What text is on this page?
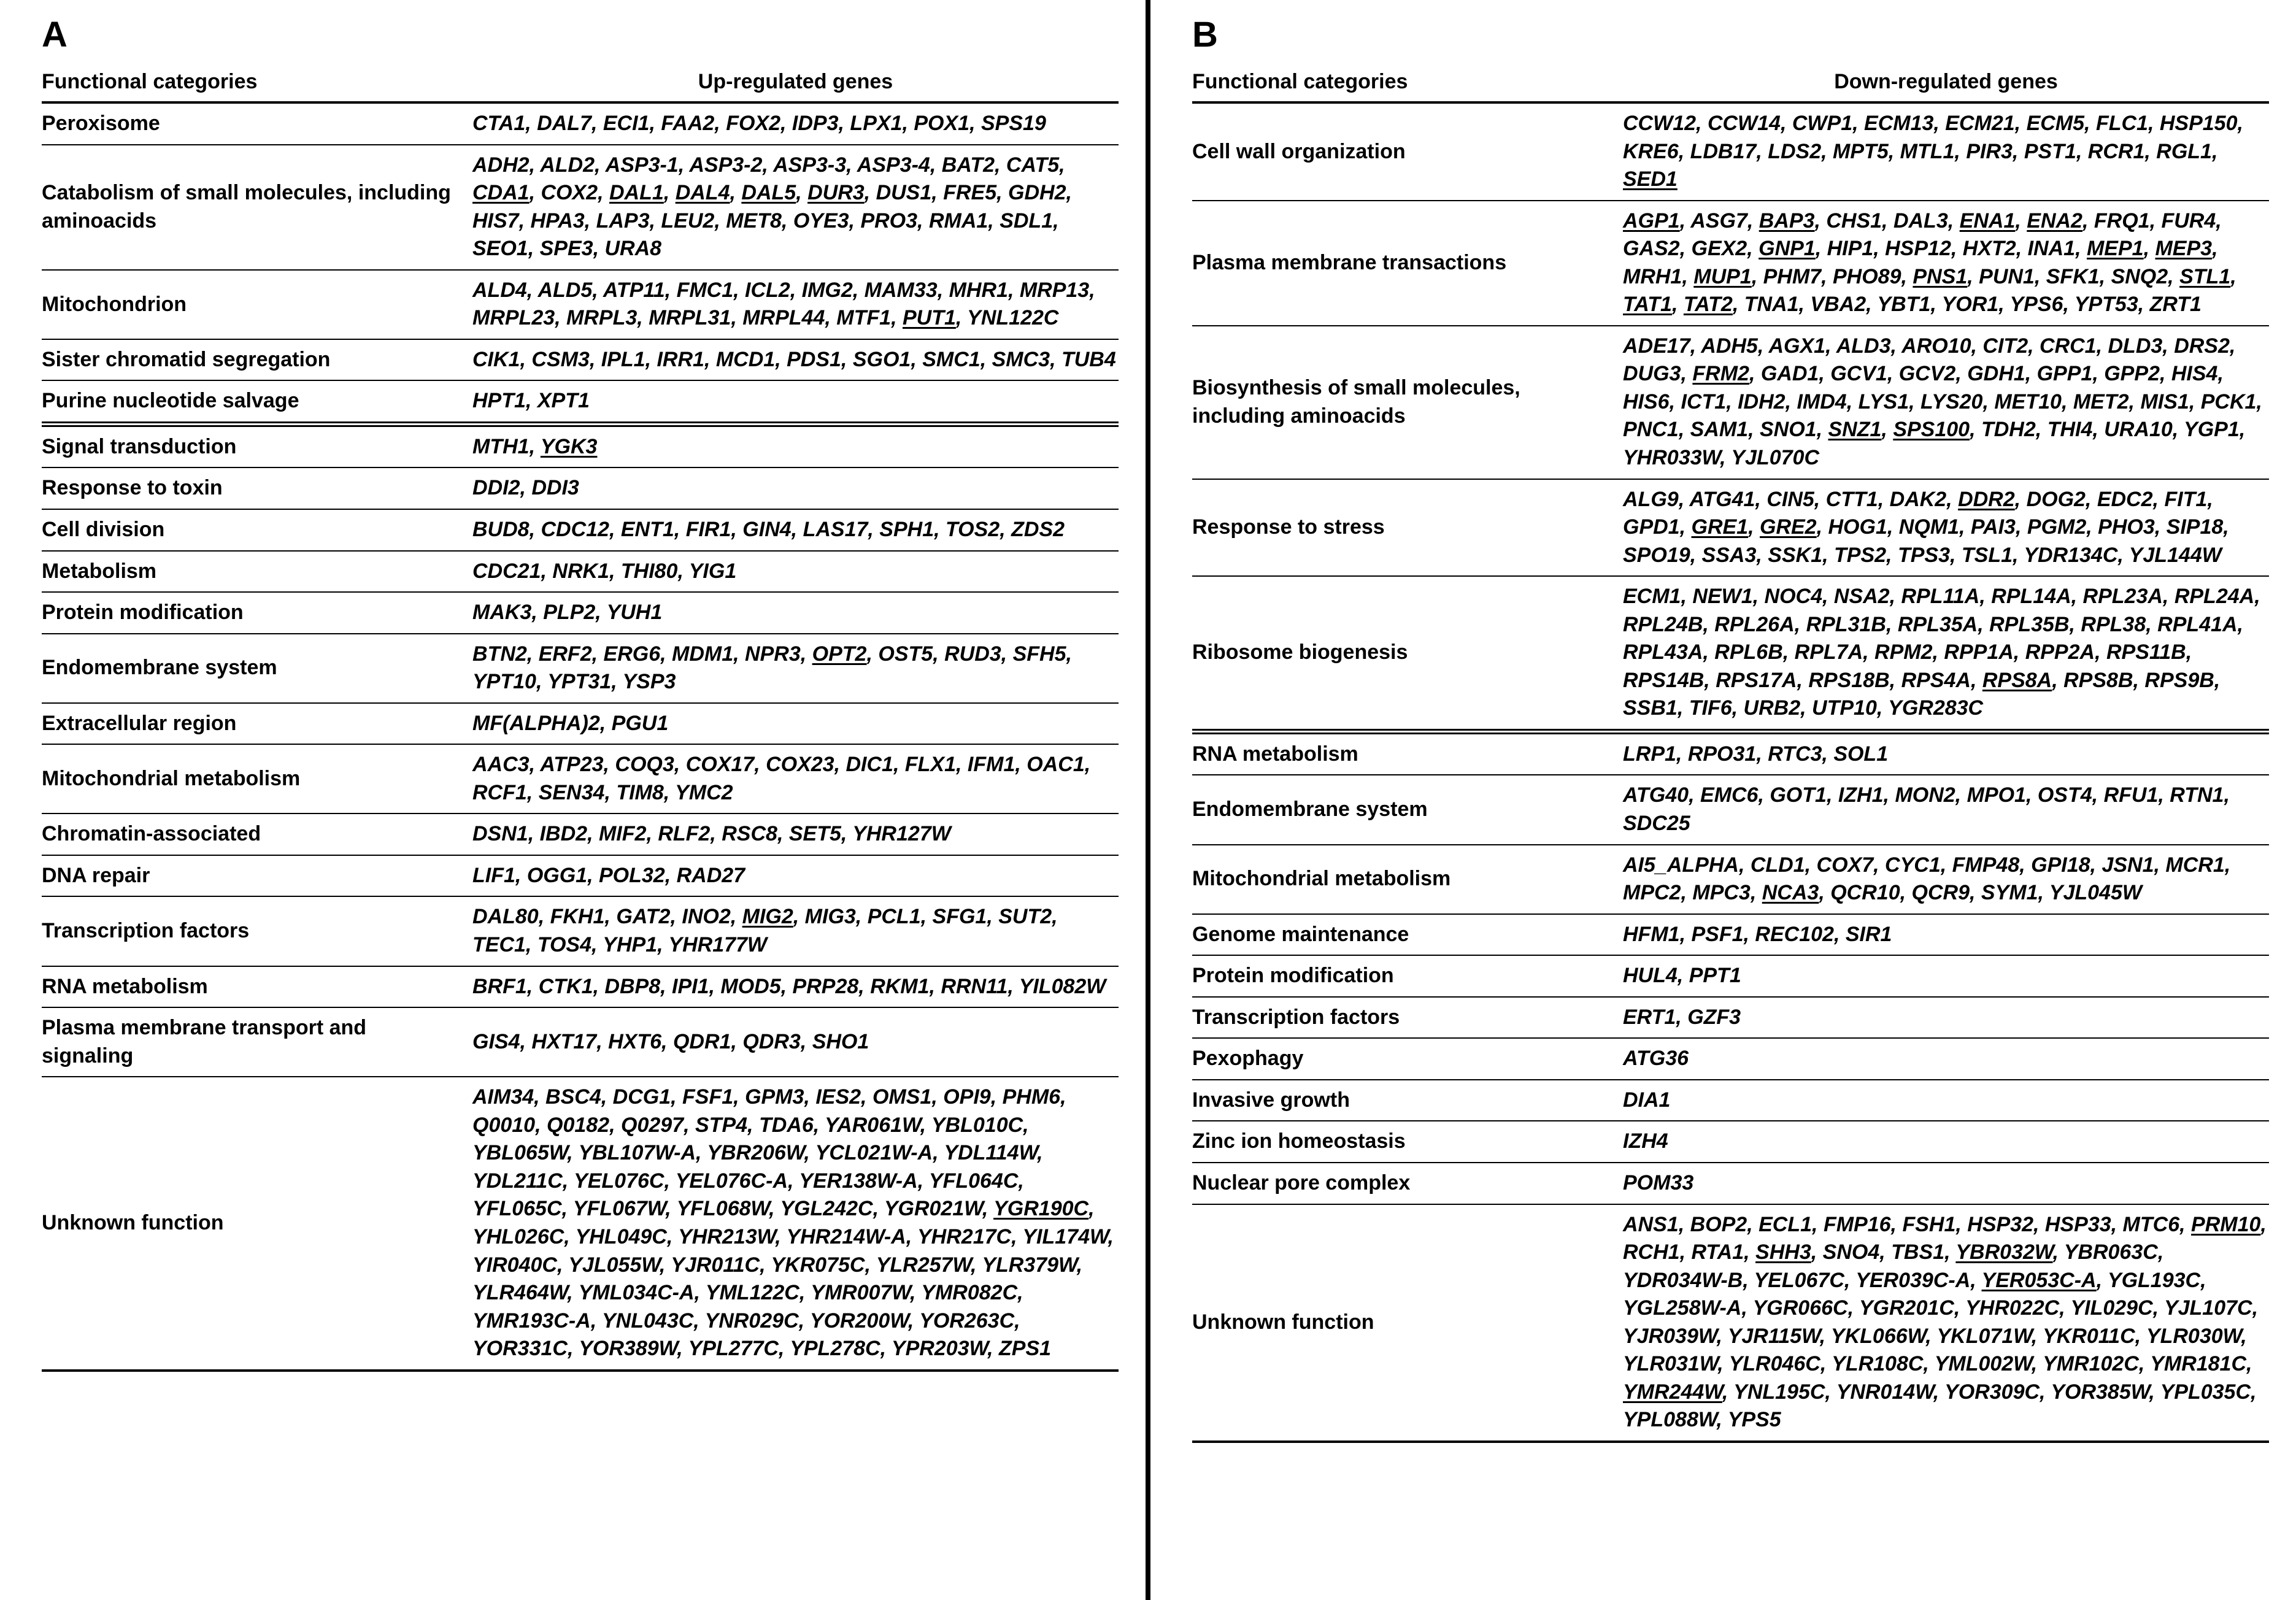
A
Functional categories	Up-regulated genes
Peroxisome	CTA1, DAL7, ECI1, FAA2, FOX2, IDP3, LPX1, POX1, SPS19
Catabolism of small molecules, including aminoacids	ADH2, ALD2, ASP3-1, ASP3-2, ASP3-3, ASP3-4, BAT2, CAT5, CDA1, COX2, DAL1, DAL4, DAL5, DUR3, DUS1, FRE5, GDH2, HIS7, HPA3, LAP3, LEU2, MET8, OYE3, PRO3, RMA1, SDL1, SEO1, SPE3, URA8
Mitochondrion	ALD4, ALD5, ATP11, FMC1, ICL2, IMG2, MAM33, MHR1, MRP13, MRPL23, MRPL3, MRPL31, MRPL44, MTF1, PUT1, YNL122C
Sister chromatid segregation	CIK1, CSM3, IPL1, IRR1, MCD1, PDS1, SGO1, SMC1, SMC3, TUB4
Purine nucleotide salvage	HPT1, XPT1
Signal transduction	MTH1, YGK3
Response to toxin	DDI2, DDI3
Cell division	BUD8, CDC12, ENT1, FIR1, GIN4, LAS17, SPH1, TOS2, ZDS2
Metabolism	CDC21, NRK1, THI80, YIG1
Protein modification	MAK3, PLP2, YUH1
Endomembrane system	BTN2, ERF2, ERG6, MDM1, NPR3, OPT2, OST5, RUD3, SFH5, YPT10, YPT31, YSP3
Extracellular region	MF(ALPHA)2, PGU1
Mitochondrial metabolism	AAC3, ATP23, COQ3, COX17, COX23, DIC1, FLX1, IFM1, OAC1, RCF1, SEN34, TIM8, YMC2
Chromatin-associated	DSN1, IBD2, MIF2, RLF2, RSC8, SET5, YHR127W
DNA repair	LIF1, OGG1, POL32, RAD27
Transcription factors	DAL80, FKH1, GAT2, INO2, MIG2, MIG3, PCL1, SFG1, SUT2, TEC1, TOS4, YHP1, YHR177W
RNA metabolism	BRF1, CTK1, DBP8, IPI1, MOD5, PRP28, RKM1, RRN11, YIL082W
Plasma membrane transport and signaling	GIS4, HXT17, HXT6, QDR1, QDR3, SHO1
Unknown function	AIM34, BSC4, DCG1, FSF1, GPM3, IES2, OMS1, OPI9, PHM6, Q0010, Q0182, Q0297, STP4, TDA6, YAR061W, YBL010C, YBL065W, YBL107W-A, YBR206W, YCL021W-A, YDL114W, YDL211C, YEL076C, YEL076C-A, YER138W-A, YFL064C, YFL065C, YFL067W, YFL068W, YGL242C, YGR021W, YGR190C, YHL026C, YHL049C, YHR213W, YHR214W-A, YHR217C, YIL174W, YIR040C, YJL055W, YJR011C, YKR075C, YLR257W, YLR379W, YLR464W, YML034C-A, YML122C, YMR007W, YMR082C, YMR193C-A, YNL043C, YNR029C, YOR200W, YOR263C, YOR331C, YOR389W, YPL277C, YPL278C, YPR203W, ZPS1
B
Functional categories	Down-regulated genes
Cell wall organization	CCW12, CCW14, CWP1, ECM13, ECM21, ECM5, FLC1, HSP150, KRE6, LDB17, LDS2, MPT5, MTL1, PIR3, PST1, RCR1, RGL1, SED1
Plasma membrane transactions	AGP1, ASG7, BAP3, CHS1, DAL3, ENA1, ENA2, FRQ1, FUR4, GAS2, GEX2, GNP1, HIP1, HSP12, HXT2, INA1, MEP1, MEP3, MRH1, MUP1, PHM7, PHO89, PNS1, PUN1, SFK1, SNQ2, STL1, TAT1, TAT2, TNA1, VBA2, YBT1, YOR1, YPS6, YPT53, ZRT1
Biosynthesis of small molecules, including aminoacids	ADE17, ADH5, AGX1, ALD3, ARO10, CIT2, CRC1, DLD3, DRS2, DUG3, FRM2, GAD1, GCV1, GCV2, GDH1, GPP1, GPP2, HIS4, HIS6, ICT1, IDH2, IMD4, LYS1, LYS20, MET10, MET2, MIS1, PCK1, PNC1, SAM1, SNO1, SNZ1, SPS100, TDH2, THI4, URA10, YGP1, YHR033W, YJL070C
Response to stress	ALG9, ATG41, CIN5, CTT1, DAK2, DDR2, DOG2, EDC2, FIT1, GPD1, GRE1, GRE2, HOG1, NQM1, PAI3, PGM2, PHO3, SIP18, SPO19, SSA3, SSK1, TPS2, TPS3, TSL1, YDR134C, YJL144W
Ribosome biogenesis	ECM1, NEW1, NOC4, NSA2, RPL11A, RPL14A, RPL23A, RPL24A, RPL24B, RPL26A, RPL31B, RPL35A, RPL35B, RPL38, RPL41A, RPL43A, RPL6B, RPL7A, RPM2, RPP1A, RPP2A, RPS11B, RPS14B, RPS17A, RPS18B, RPS4A, RPS8A, RPS8B, RPS9B, SSB1, TIF6, URB2, UTP10, YGR283C
RNA metabolism	LRP1, RPO31, RTC3, SOL1
Endomembrane system	ATG40, EMC6, GOT1, IZH1, MON2, MPO1, OST4, RFU1, RTN1, SDC25
Mitochondrial metabolism	AI5_ALPHA, CLD1, COX7, CYC1, FMP48, GPI18, JSN1, MCR1, MPC2, MPC3, NCA3, QCR10, QCR9, SYM1, YJL045W
Genome maintenance	HFM1, PSF1, REC102, SIR1
Protein modification	HUL4, PPT1
Transcription factors	ERT1, GZF3
Pexophagy	ATG36
Invasive growth	DIA1
Zinc ion homeostasis	IZH4
Nuclear pore complex	POM33
Unknown function	ANS1, BOP2, ECL1, FMP16, FSH1, HSP32, HSP33, MTC6, PRM10, RCH1, RTA1, SHH3, SNO4, TBS1, YBR032W, YBR063C, YDR034W-B, YEL067C, YER039C-A, YER053C-A, YGL193C, YGL258W-A, YGR066C, YGR201C, YHR022C, YIL029C, YJL107C, YJR039W, YJR115W, YKL066W, YKL071W, YKR011C, YLR030W, YLR031W, YLR046C, YLR108C, YML002W, YMR102C, YMR181C, YMR244W, YNL195C, YNR014W, YOR309C, YOR385W, YPL035C, YPL088W, YPS5
